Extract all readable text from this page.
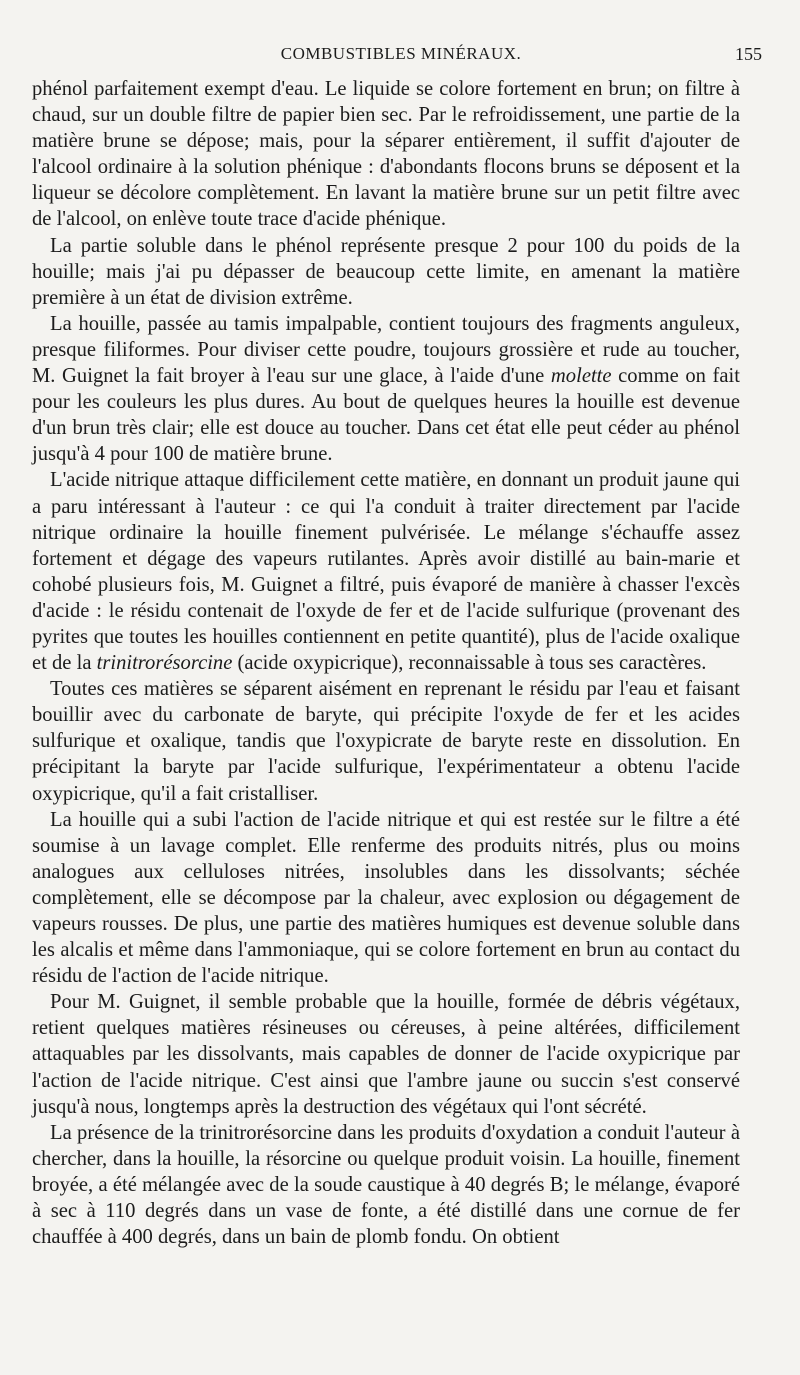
COMBUSTIBLES MINÉRAUX.	155

phénol parfaitement exempt d'eau. Le liquide se colore fortement en brun; on filtre à chaud, sur un double filtre de papier bien sec. Par le refroidissement, une partie de la matière brune se dépose; mais, pour la séparer entièrement, il suffit d'ajouter de l'alcool ordinaire à la solution phénique : d'abondants flocons bruns se déposent et la liqueur se décolore complètement. En lavant la matière brune sur un petit filtre avec de l'alcool, on enlève toute trace d'acide phénique.

La partie soluble dans le phénol représente presque 2 pour 100 du poids de la houille; mais j'ai pu dépasser de beaucoup cette limite, en amenant la matière première à un état de division extrême.

La houille, passée au tamis impalpable, contient toujours des fragments anguleux, presque filiformes. Pour diviser cette poudre, toujours grossière et rude au toucher, M. Guignet la fait broyer à l'eau sur une glace, à l'aide d'une molette comme on fait pour les couleurs les plus dures. Au bout de quelques heures la houille est devenue d'un brun très clair; elle est douce au toucher. Dans cet état elle peut céder au phénol jusqu'à 4 pour 100 de matière brune.

L'acide nitrique attaque difficilement cette matière, en donnant un produit jaune qui a paru intéressant à l'auteur : ce qui l'a conduit à traiter directement par l'acide nitrique ordinaire la houille finement pulvérisée. Le mélange s'échauffe assez fortement et dégage des vapeurs rutilantes. Après avoir distillé au bain-marie et cohobé plusieurs fois, M. Guignet a filtré, puis évaporé de manière à chasser l'excès d'acide : le résidu contenait de l'oxyde de fer et de l'acide sulfurique (provenant des pyrites que toutes les houilles contiennent en petite quantité), plus de l'acide oxalique et de la trinitrorésorcine (acide oxypicrique), reconnaissable à tous ses caractères.

Toutes ces matières se séparent aisément en reprenant le résidu par l'eau et faisant bouillir avec du carbonate de baryte, qui précipite l'oxyde de fer et les acides sulfurique et oxalique, tandis que l'oxypicrate de baryte reste en dissolution. En précipitant la baryte par l'acide sulfurique, l'expérimentateur a obtenu l'acide oxypicrique, qu'il a fait cristalliser.

La houille qui a subi l'action de l'acide nitrique et qui est restée sur le filtre a été soumise à un lavage complet. Elle renferme des produits nitrés, plus ou moins analogues aux celluloses nitrées, insolubles dans les dissolvants; séchée complètement, elle se décompose par la chaleur, avec explosion ou dégagement de vapeurs rousses. De plus, une partie des matières humiques est devenue soluble dans les alcalis et même dans l'ammoniaque, qui se colore fortement en brun au contact du résidu de l'action de l'acide nitrique.

Pour M. Guignet, il semble probable que la houille, formée de débris végétaux, retient quelques matières résineuses ou céreuses, à peine altérées, difficilement attaquables par les dissolvants, mais capables de donner de l'acide oxypicrique par l'action de l'acide nitrique. C'est ainsi que l'ambre jaune ou succin s'est conservé jusqu'à nous, longtemps après la destruction des végétaux qui l'ont sécrété.

La présence de la trinitrorésorcine dans les produits d'oxydation a conduit l'auteur à chercher, dans la houille, la résorcine ou quelque produit voisin. La houille, finement broyée, a été mélangée avec de la soude caustique à 40 degrés B; le mélange, évaporé à sec à 110 degrés dans un vase de fonte, a été distillé dans une cornue de fer chauffée à 400 degrés, dans un bain de plomb fondu. On obtient
